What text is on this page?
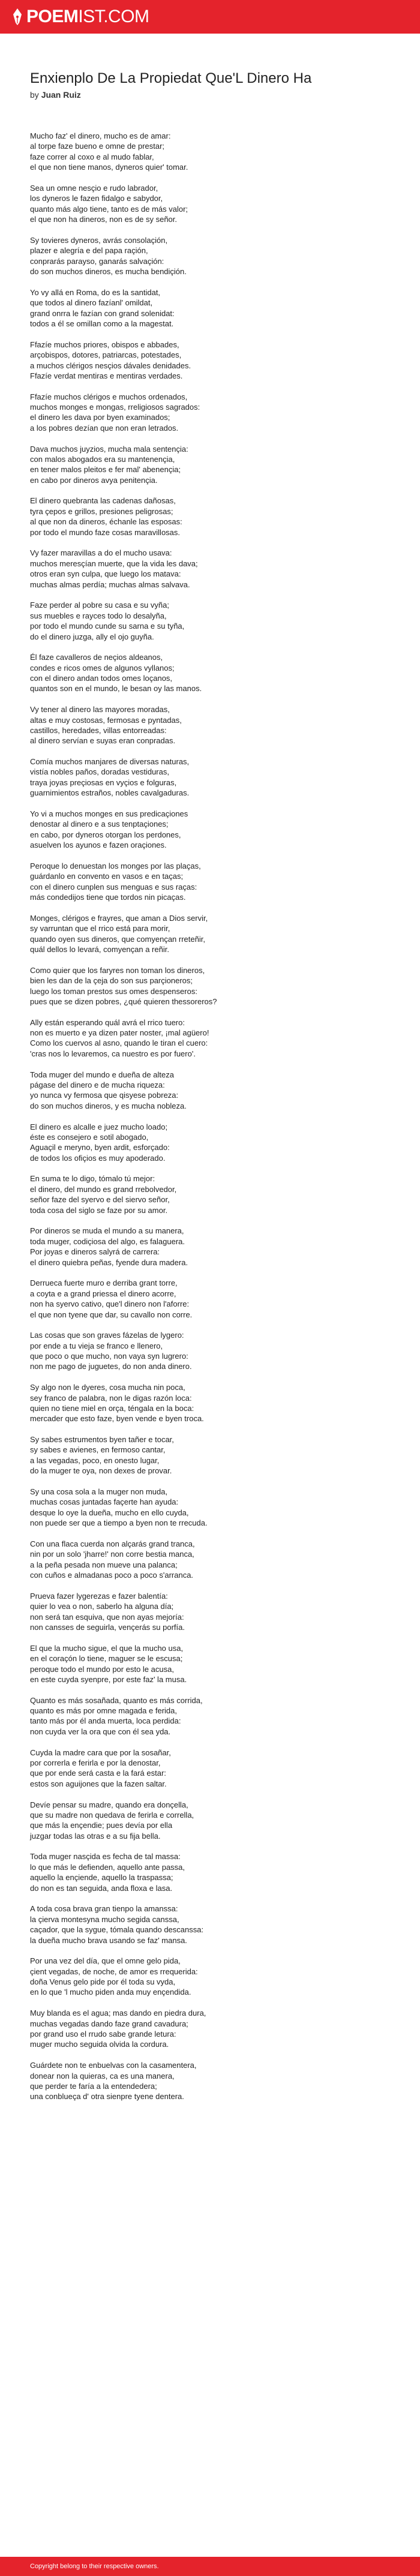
POEM IST.COM
Enxienplo De La Propiedat Que'L Dinero Ha
by Juan Ruiz
Mucho faz' el dinero, mucho es de amar:
al torpe faze bueno e omne de prestar;
faze correr al coxo e al mudo fablar,
el que non tiene manos, dyneros quier' tomar.
Sea un omne nesçio e rudo labrador,
los dyneros le fazen fidalgo e sabydor,
quanto más algo tiene, tanto es de más valor;
el que non ha dineros, non es de sy señor.
Sy tovieres dyneros, avrás consolaçión,
plazer e alegría e del papa raçión,
conprarás parayso, ganarás salvaçión:
do son muchos dineros, es mucha bendiçión.
Yo vy allá en Roma, do es la santidat,
que todos al dinero fazíanl' omildat,
grand onrra le fazían con grand solenidat:
todos a él se omillan como a la magestat.
Ffazíe muchos priores, obispos e abbades,
arçobispos, dotores, patriarcas, potestades,
a muchos clérigos nesçios dávales denidades.
Ffazíe verdat mentiras e mentiras verdades.
Ffazíe muchos clérigos e muchos ordenados,
muchos monges e mongas, rreligiosos sagrados:
el dinero les dava por byen examinados;
a los pobres dezían que non eran letrados.
Dava muchos juyzios, mucha mala sentençia:
con malos abogados era su mantenençia,
en tener malos pleitos e fer mal' abenençia;
en cabo por dineros avya penitençia.
El dinero quebranta las cadenas dañosas,
tyra çepos e grillos, presiones peligrosas;
al que non da dineros, échanle las esposas:
por todo el mundo faze cosas maravillosas.
Vy fazer maravillas a do el mucho usava:
muchos meresçían muerte, que la vida les dava;
otros eran syn culpa, que luego los matava:
muchas almas perdía; muchas almas salvava.
Faze perder al pobre su casa e su vyña;
sus muebles e rayces todo lo desalyña,
por todo el mundo cunde su sarna e su tyña,
do el dinero juzga, ally el ojo guyña.
Él faze cavalleros de neçios aldeanos,
condes e ricos omes de algunos vyllanos;
con el dinero andan todos omes loçanos,
quantos son en el mundo, le besan oy las manos.
Vy tener al dinero las mayores moradas,
altas e muy costosas, fermosas e pyntadas,
castillos, heredades, villas entorreadas:
al dinero servían e suyas eran conpradas.
Comía muchos manjares de diversas naturas,
vistía nobles paños, doradas vestiduras,
traya joyas preçiosas en vyçios e folguras,
guarnimientos estraños, nobles cavalgaduras.
Yo vi a muchos monges en sus predicaçiones
denostar al dinero e a sus tenptaçiones;
en cabo, por dyneros otorgan los perdones,
asuelven los ayunos e fazen oraçiones.
Peroque lo denuestan los monges por las plaças,
guárdanlo en convento en vasos e en taças;
con el dinero cunplen sus menguas e sus raças:
más condedijos tiene que tordos nin picaças.
Monges, clérigos e frayres, que aman a Dios servir,
sy varruntan que el rrico está para morir,
quando oyen sus dineros, que comyençan rreteñir,
quál dellos lo levará, comyençan a reñir.
Como quier que los faryres non toman los dineros,
bien les dan de la çeja do son sus parçioneros;
luego los toman prestos sus omes despenseros:
pues que se dizen pobres, ¿qué quieren thessoreros?
Ally están esperando quál avrá el rrico tuero:
non es muerto e ya dizen pater noster, ¡mal agüero!
Como los cuervos al asno, quando le tiran el cuero:
'cras nos lo levaremos, ca nuestro es por fuero'.
Toda muger del mundo e dueña de alteza
págase del dinero e de mucha riqueza:
yo nunca vy fermosa que qisyese pobreza:
do son muchos dineros, y es mucha nobleza.
El dinero es alcalle e juez mucho loado;
éste es consejero e sotil abogado,
Aguaçil e meryno, byen ardit, esforçado:
de todos los ofiçios es muy apoderado.
En suma te lo digo, tómalo tú mejor:
el dinero, del mundo es grand rrebolvedor,
señor faze del syervo e del siervo señor,
toda cosa del siglo se faze por su amor.
Por dineros se muda el mundo a su manera,
toda muger, codiçiosa del algo, es falaguera.
Por joyas e dineros salyrá de carrera:
el dinero quiebra peñas, fyende dura madera.
Derrueca fuerte muro e derriba grant torre,
a coyta e a grand priessa el dinero acorre,
non ha syervo cativo, que'l dinero non l'aforre:
el que non tyene que dar, su cavallo non corre.
Las cosas que son graves fázelas de lygero:
por ende a tu vieja se franco e llenero,
que poco o que mucho, non vaya syn lugrero:
non me pago de juguetes, do non anda dinero.
Sy algo non le dyeres, cosa mucha nin poca,
sey franco de palabra, non le digas razón loca:
quien no tiene miel en orça, téngala en la boca:
mercader que esto faze, byen vende e byen troca.
Sy sabes estrumentos byen tañer e tocar,
sy sabes e avienes, en fermoso cantar,
a las vegadas, poco, en onesto lugar,
do la muger te oya, non dexes de provar.
Sy una cosa sola a la muger non muda,
muchas cosas juntadas façerte han ayuda:
desque lo oye la dueña, mucho en ello cuyda,
non puede ser que a tiempo a byen non te rrecuda.
Con una flaca cuerda non alçarás grand tranca,
nin por un solo 'jharre!' non corre bestia manca,
a la peña pesada non mueve una palanca;
con cuños e almadanas poco a poco s'arranca.
Prueva fazer lygerezas e fazer balentía:
quier lo vea o non, saberlo ha alguna día;
non será tan esquiva, que non ayas mejoría:
non cansses de seguirla, vençerás su porfía.
El que la mucho sigue, el que la mucho usa,
en el coraçón lo tiene, maguer se le escusa;
peroque todo el mundo por esto le acusa,
en este cuyda syenpre, por este faz' la musa.
Quanto es más sosañada, quanto es más corrida,
quanto es más por omne magada e ferida,
tanto más por él anda muerta, loca perdida:
non cuyda ver la ora que con él sea yda.
Cuyda la madre cara que por la sosañar,
por correrla e ferirla e por la denostar,
que por ende será casta e la fará estar:
estos son aguijones que la fazen saltar.
Devíe pensar su madre, quando era donçella,
que su madre non quedava de ferirla e corrella,
que más la ençendie; pues devía por ella
juzgar todas las otras e a su fija bella.
Toda muger nasçida es fecha de tal massa:
lo que más le defienden, aquello ante passa,
aquello la ençiende, aquello la traspassa;
do non es tan seguida, anda floxa e lasa.
A toda cosa brava gran tienpo la amanssa:
la çierva montesyna mucho segida canssa,
caçador, que la sygue, tómala quando descanssa:
la dueña mucho brava usando se faz' mansa.
Por una vez del día, que el omne gelo pida,
çient vegadas, de noche, de amor es rrequerida:
doña Venus gelo pide por él toda su vyda,
en lo que 'l mucho piden anda muy ençendida.
Muy blanda es el agua; mas dando en piedra dura,
muchas vegadas dando faze grand cavadura;
por grand uso el rrudo sabe grande letura:
muger mucho seguida olvida la cordura.
Guárdete non te enbuelvas con la casamentera,
donear non la quieras, ca es una manera,
que perder te faría a la entendedera;
una conblueça d' otra sienpre tyene dentera.
Copyright belong to their respective owners.
